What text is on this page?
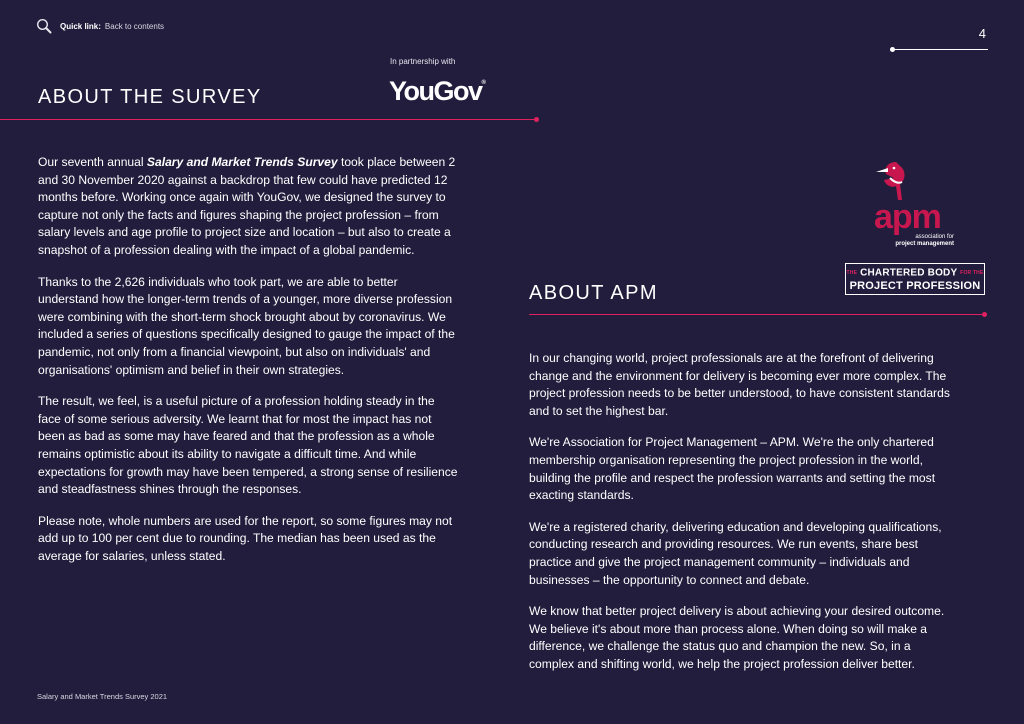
Quick link: Back to contents	4
In partnership with
YouGov®
ABOUT THE SURVEY

Our seventh annual Salary and Market Trends Survey took place between 2 and 30 November 2020 against a backdrop that few could have predicted 12 months before. Working once again with YouGov, we designed the survey to capture not only the facts and figures shaping the project profession – from salary levels and age profile to project size and location – but also to create a snapshot of a profession dealing with the impact of a global pandemic.

Thanks to the 2,626 individuals who took part, we are able to better understand how the longer-term trends of a younger, more diverse profession were combining with the short-term shock brought about by coronavirus. We included a series of questions specifically designed to gauge the impact of the pandemic, not only from a financial viewpoint, but also on individuals' and organisations' optimism and belief in their own strategies.

The result, we feel, is a useful picture of a profession holding steady in the face of some serious adversity. We learnt that for most the impact has not been as bad as some may have feared and that the profession as a whole remains optimistic about its ability to navigate a difficult time. And while expectations for growth may have been tempered, a strong sense of resilience and steadfastness shines through the responses.

Please note, whole numbers are used for the report, so some figures may not add up to 100 per cent due to rounding. The median has been used as the average for salaries, unless stated.

apm
association for
project management
THE CHARTERED BODY FOR THE
PROJECT PROFESSION
ABOUT APM

In our changing world, project professionals are at the forefront of delivering change and the environment for delivery is becoming ever more complex. The project profession needs to be better understood, to have consistent standards and to set the highest bar.

We're Association for Project Management – APM. We're the only chartered membership organisation representing the project profession in the world, building the profile and respect the profession warrants and setting the most exacting standards.

We're a registered charity, delivering education and developing qualifications, conducting research and providing resources. We run events, share best practice and give the project management community – individuals and businesses – the opportunity to connect and debate.

We know that better project delivery is about achieving your desired outcome. We believe it's about more than process alone. When doing so will make a difference, we challenge the status quo and champion the new. So, in a complex and shifting world, we help the project profession deliver better.

Salary and Market Trends Survey 2021
